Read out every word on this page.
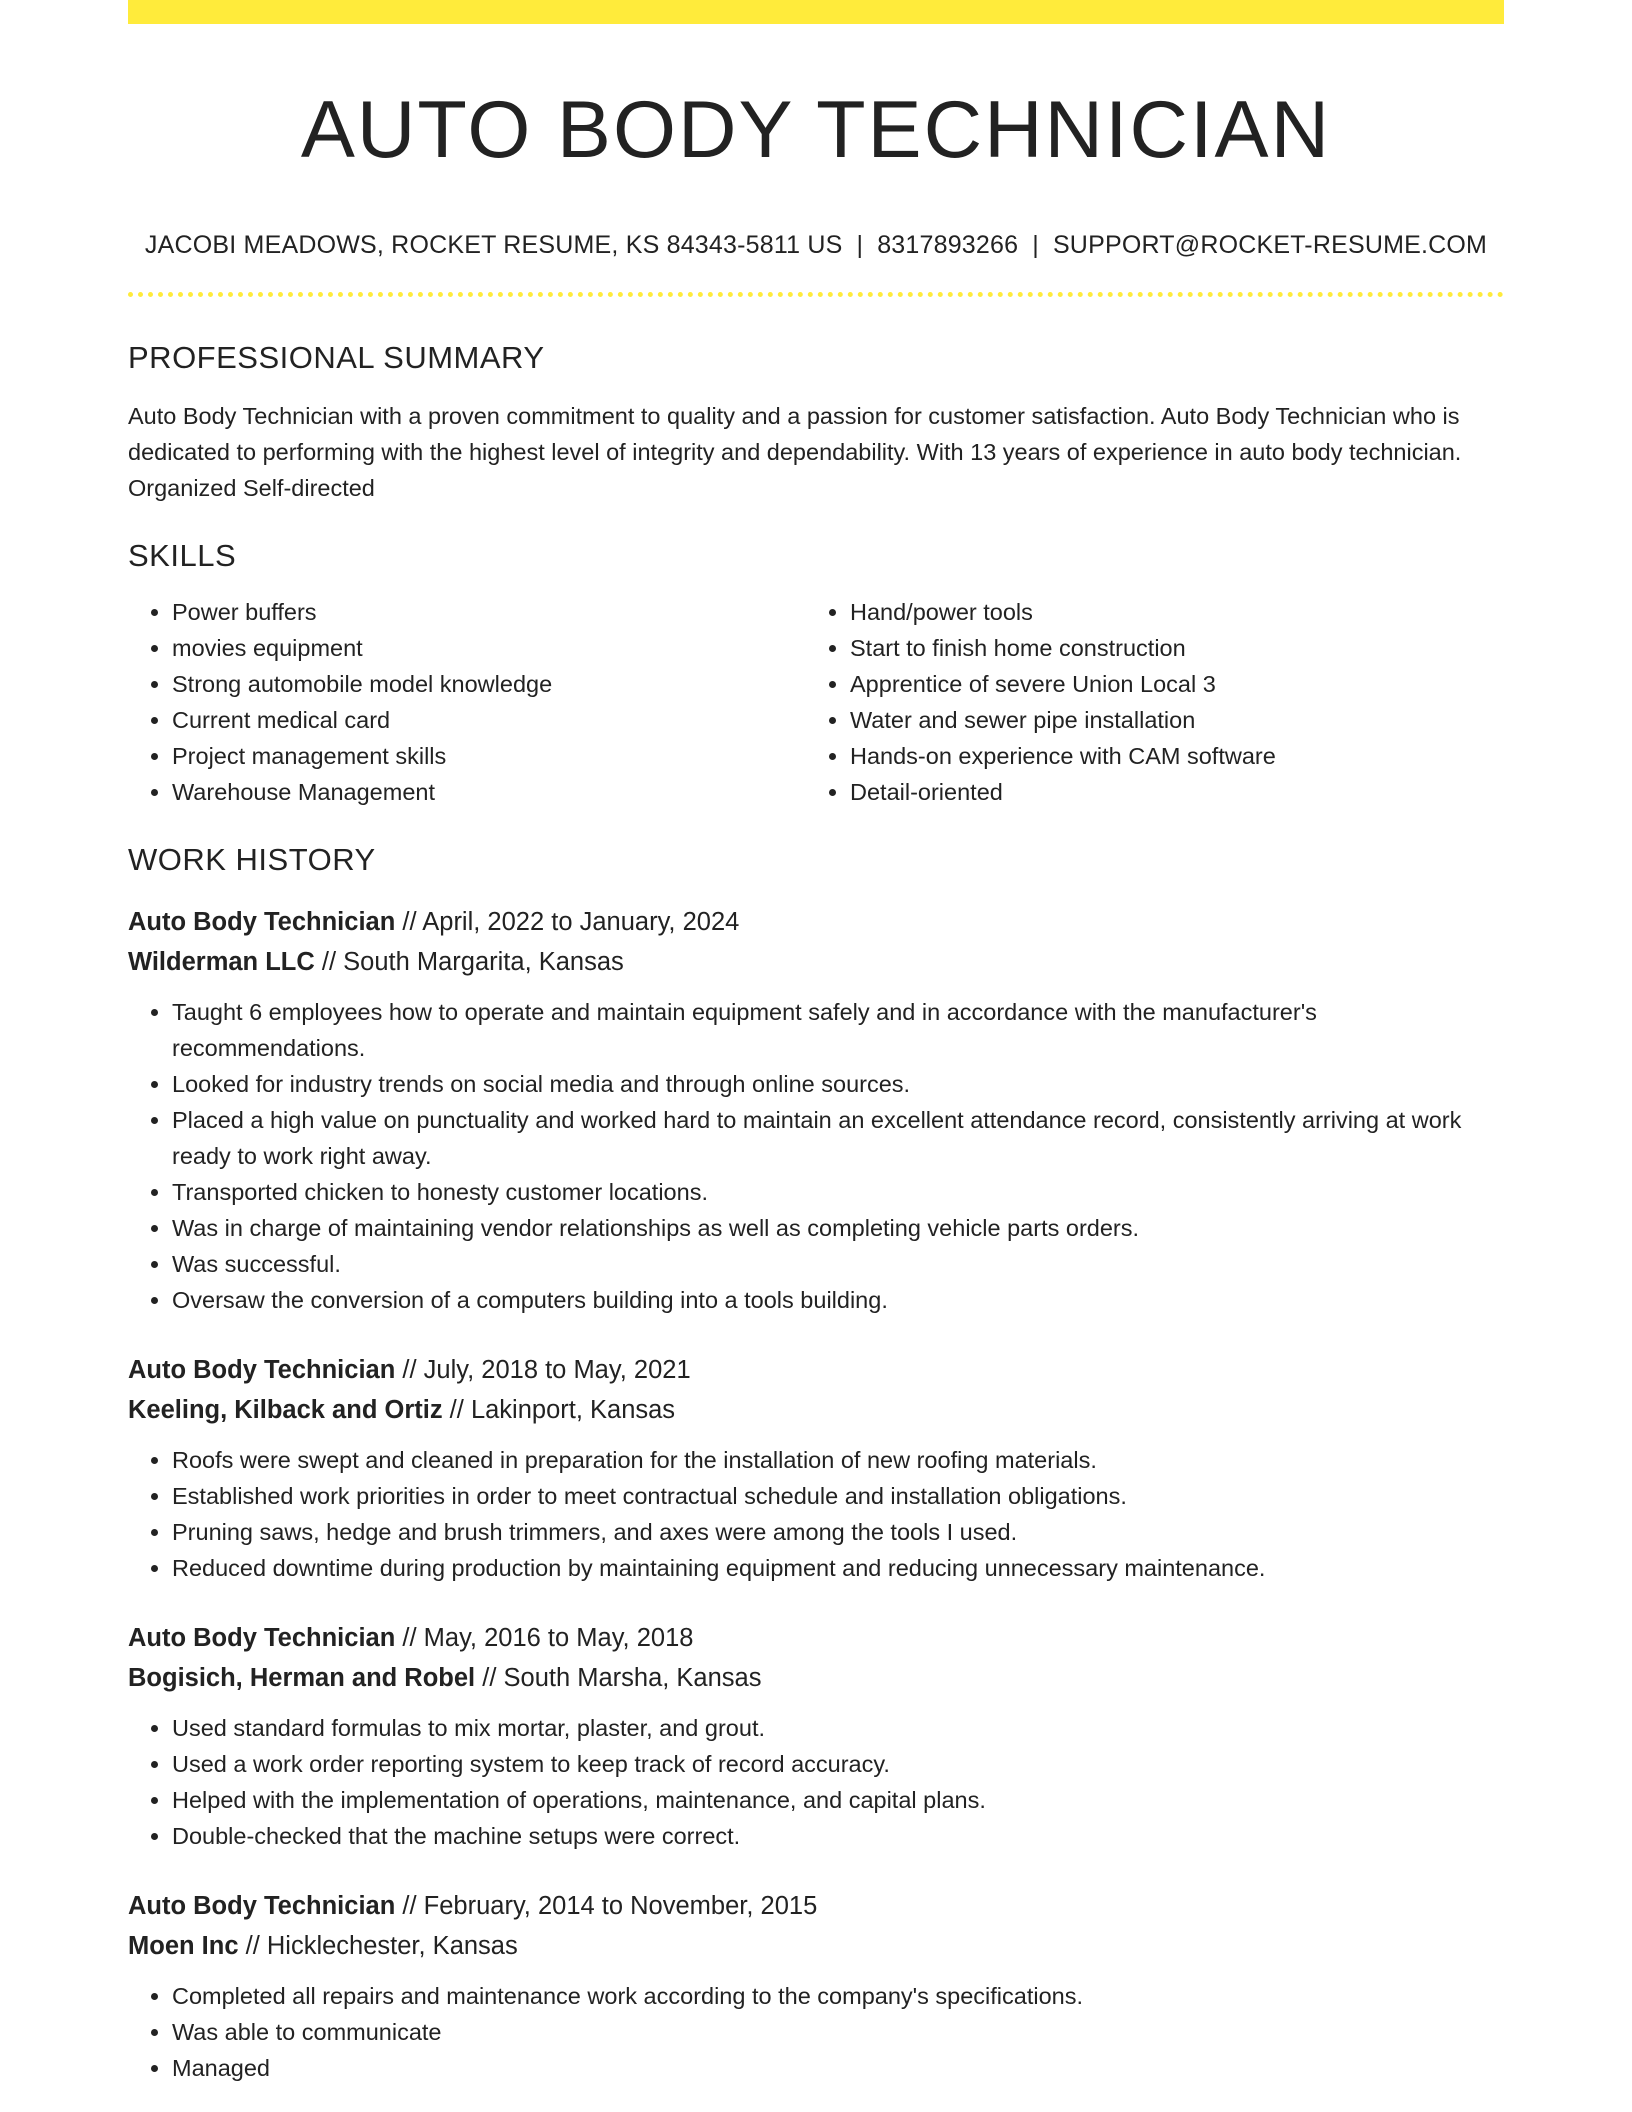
AUTO BODY TECHNICIAN
JACOBI MEADOWS, ROCKET RESUME, KS 84343-5811 US | 8317893266 | SUPPORT@ROCKET-RESUME.COM
PROFESSIONAL SUMMARY
Auto Body Technician with a proven commitment to quality and a passion for customer satisfaction. Auto Body Technician who is dedicated to performing with the highest level of integrity and dependability. With 13 years of experience in auto body technician. Organized Self-directed
SKILLS
• Power buffers
• movies equipment
• Strong automobile model knowledge
• Current medical card
• Project management skills
• Warehouse Management
• Hand/power tools
• Start to finish home construction
• Apprentice of severe Union Local 3
• Water and sewer pipe installation
• Hands-on experience with CAM software
• Detail-oriented
WORK HISTORY
Auto Body Technician // April, 2022 to January, 2024
Wilderman LLC // South Margarita, Kansas
• Taught 6 employees how to operate and maintain equipment safely and in accordance with the manufacturer's recommendations.
• Looked for industry trends on social media and through online sources.
• Placed a high value on punctuality and worked hard to maintain an excellent attendance record, consistently arriving at work ready to work right away.
• Transported chicken to honesty customer locations.
• Was in charge of maintaining vendor relationships as well as completing vehicle parts orders.
• Was successful.
• Oversaw the conversion of a computers building into a tools building.
Auto Body Technician // July, 2018 to May, 2021
Keeling, Kilback and Ortiz // Lakinport, Kansas
• Roofs were swept and cleaned in preparation for the installation of new roofing materials.
• Established work priorities in order to meet contractual schedule and installation obligations.
• Pruning saws, hedge and brush trimmers, and axes were among the tools I used.
• Reduced downtime during production by maintaining equipment and reducing unnecessary maintenance.
Auto Body Technician // May, 2016 to May, 2018
Bogisich, Herman and Robel // South Marsha, Kansas
• Used standard formulas to mix mortar, plaster, and grout.
• Used a work order reporting system to keep track of record accuracy.
• Helped with the implementation of operations, maintenance, and capital plans.
• Double-checked that the machine setups were correct.
Auto Body Technician // February, 2014 to November, 2015
Moen Inc // Hicklechester, Kansas
• Completed all repairs and maintenance work according to the company's specifications.
• Was able to communicate
• Managed
